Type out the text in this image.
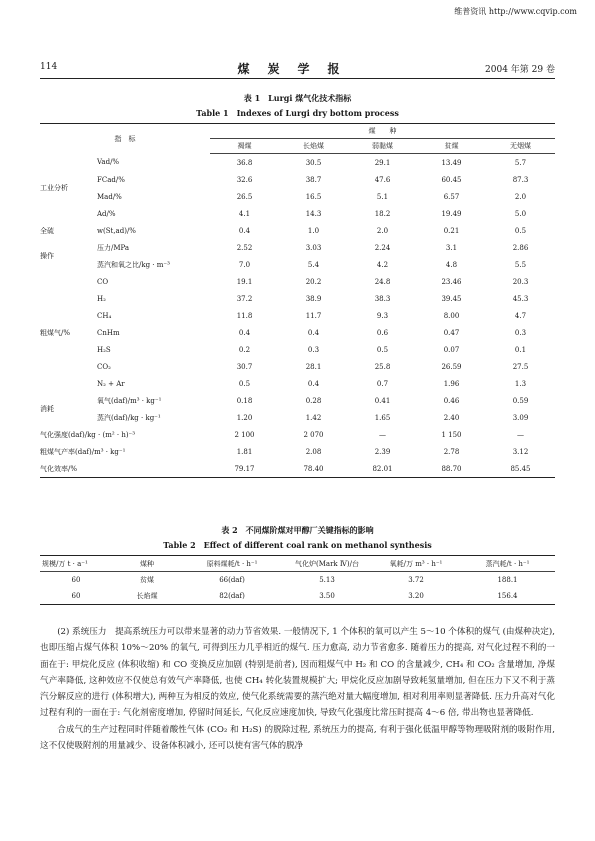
维普资讯 http://www.cqvip.com
114	煤炭学报	2004 年第 29 卷
表 1　Lurgi 煤气化技术指标
Table 1　Indexes of Lurgi dry bottom process
指　标		煤　　种				
		褐煤	长焰煤	弱黏煤	贫煤	无烟煤
工业分析	Vad/%	36.8	30.5	29.1	13.49	5.7
	FCad/%	32.6	38.7	47.6	60.45	87.3
	Mad/%	26.5	16.5	5.1	6.57	2.0
	Ad/%	4.1	14.3	18.2	19.49	5.0
全硫	w(St,ad)/%	0.4	1.0	2.0	0.21	0.5
操作	压力/MPa	2.52	3.03	2.24	3.1	2.86
	蒸汽和氧之比/kg · m⁻³	7.0	5.4	4.2	4.8	5.5
粗煤气/%	CO	19.1	20.2	24.8	23.46	20.3
	H₂	37.2	38.9	38.3	39.45	45.3
	CH₄	11.8	11.7	9.3	8.00	4.7
	CnHm	0.4	0.4	0.6	0.47	0.3
	H₂S	0.2	0.3	0.5	0.07	0.1
	CO₂	30.7	28.1	25.8	26.59	27.5
	N₂ + Ar	0.5	0.4	0.7	1.96	1.3
消耗	氧气(daf)/m³ · kg⁻¹	0.18	0.28	0.41	0.46	0.59
	蒸汽(daf)/kg · kg⁻¹	1.20	1.42	1.65	2.40	3.09
气化强度(daf)/kg · (m² · h)⁻³		2 100	2 070	—	1 150	—
粗煤气产率(daf)/m³ · kg⁻¹		1.81	2.08	2.39	2.78	3.12
气化效率/%		79.17	78.40	82.01	88.70	85.45
表 2　不同煤阶煤对甲醇厂关键指标的影响
Table 2　Effect of different coal rank on methanol synthesis
规模/万 t · a⁻¹	煤种	原料煤耗/t · h⁻¹	气化炉(Mark Ⅳ)/台	氧耗/万 m³ · h⁻¹	蒸汽耗/t · h⁻¹
60	贫煤	66(daf)	5.13	3.72	188.1
60	长焰煤	82(daf)	3.50	3.20	156.4

(2) 系统压力　提高系统压力可以带来显著的动力节省效果. 一般情况下, 1 个体积的氧可以产生 5～10 个体积的煤气 (由煤种决定), 也即压缩占煤气体积 10%～20% 的氧气, 可得到压力几乎相近的煤气. 压力愈高, 动力节省愈多. 随着压力的提高, 对气化过程不利的一面在于: 甲烷化反应 (体积收缩) 和 CO 变换反应加剧 (特别是前者), 因而粗煤气中 H₂ 和 CO 的含量减少, CH₄ 和 CO₂ 含量增加, 净煤气产率降低, 这种效应不仅使总有效气产率降低, 也使 CH₄ 转化装置规模扩大; 甲烷化反应加剧导致耗氢量增加, 但在压力下又不利于蒸汽分解反应的进行 (体积增大), 两种互为相反的效应, 使气化系统需要的蒸汽绝对量大幅度增加, 相对利用率则显著降低. 压力升高对气化过程有利的一面在于: 气化剂密度增加, 停留时间延长, 气化反应速度加快, 导致气化强度比常压时提高 4～6 倍, 带出物也显著降低.

合成气的生产过程同时伴随着酸性气体 (CO₂ 和 H₂S) 的脱除过程, 系统压力的提高, 有利于强化低温甲醇等物理吸附剂的吸附作用, 这不仅使吸附剂的用量减少、设备体积减小, 还可以使有害气体的脱净
